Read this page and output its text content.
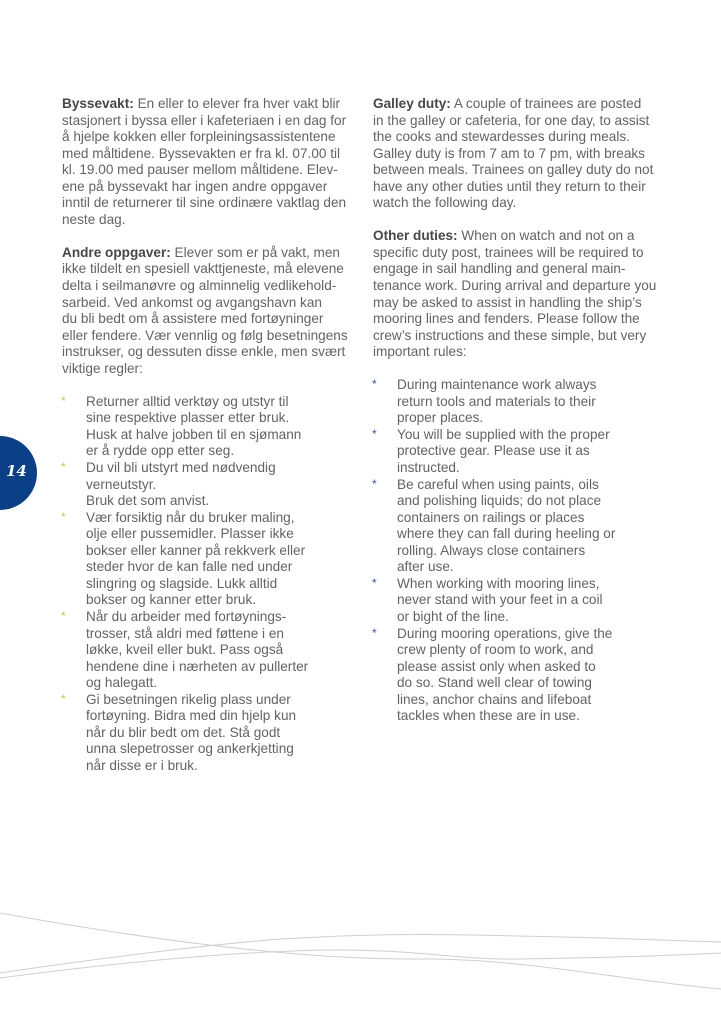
14

Byssevakt: En eller to elever fra hver vakt blir
stasjonert i byssa eller i kafeteriaen i en dag for
å hjelpe kokken eller forpleiningsassistentene
med måltidene. Byssevakten er fra kl. 07.00 til
kl. 19.00 med pauser mellom måltidene. Elev-
ene på byssevakt har ingen andre oppgaver
inntil de returnerer til sine ordinære vaktlag den
neste dag.

Andre oppgaver: Elever som er på vakt, men
ikke tildelt en spesiell vakttjeneste, må elevene
delta i seilmanøvre og alminnelig vedlikehold-
sarbeid. Ved ankomst og avgangshavn kan
du bli bedt om å assistere med fortøyninger
eller fendere. Vær vennlig og følg besetningens
instrukser, og dessuten disse enkle, men svært
viktige regler:

* Returner alltid verktøy og utstyr til
sine respektive plasser etter bruk.
Husk at halve jobben til en sjømann
er å rydde opp etter seg.
* Du vil bli utstyrt med nødvendig
verneutstyr.
Bruk det som anvist.
* Vær forsiktig når du bruker maling,
olje eller pussemidler. Plasser ikke
bokser eller kanner på rekkverk eller
steder hvor de kan falle ned under
slingring og slagside. Lukk alltid
bokser og kanner etter bruk.
* Når du arbeider med fortøynings-
trosser, stå aldri med føttene i en
løkke, kveil eller bukt. Pass også
hendene dine i nærheten av pullerter
og halegatt.
* Gi besetningen rikelig plass under
fortøyning. Bidra med din hjelp kun
når du blir bedt om det. Stå godt
unna slepetrosser og ankerkjetting
når disse er i bruk.

Galley duty: A couple of trainees are posted
in the galley or cafeteria, for one day, to assist
the cooks and stewardesses during meals.
Galley duty is from 7 am to 7 pm, with breaks
between meals. Trainees on galley duty do not
have any other duties until they return to their
watch the following day.

Other duties: When on watch and not on a
specific duty post, trainees will be required to
engage in sail handling and general main-
tenance work. During arrival and departure you
may be asked to assist in handling the ship’s
mooring lines and fenders. Please follow the
crew’s instructions and these simple, but very
important rules:

* During maintenance work always
return tools and materials to their
proper places.
* You will be supplied with the proper
protective gear. Please use it as
instructed.
* Be careful when using paints, oils
and polishing liquids; do not place
containers on railings or places
where they can fall during heeling or
rolling. Always close containers
after use.
* When working with mooring lines,
never stand with your feet in a coil
or bight of the line.
* During mooring operations, give the
crew plenty of room to work, and
please assist only when asked to
do so. Stand well clear of towing
lines, anchor chains and lifeboat
tackles when these are in use.
